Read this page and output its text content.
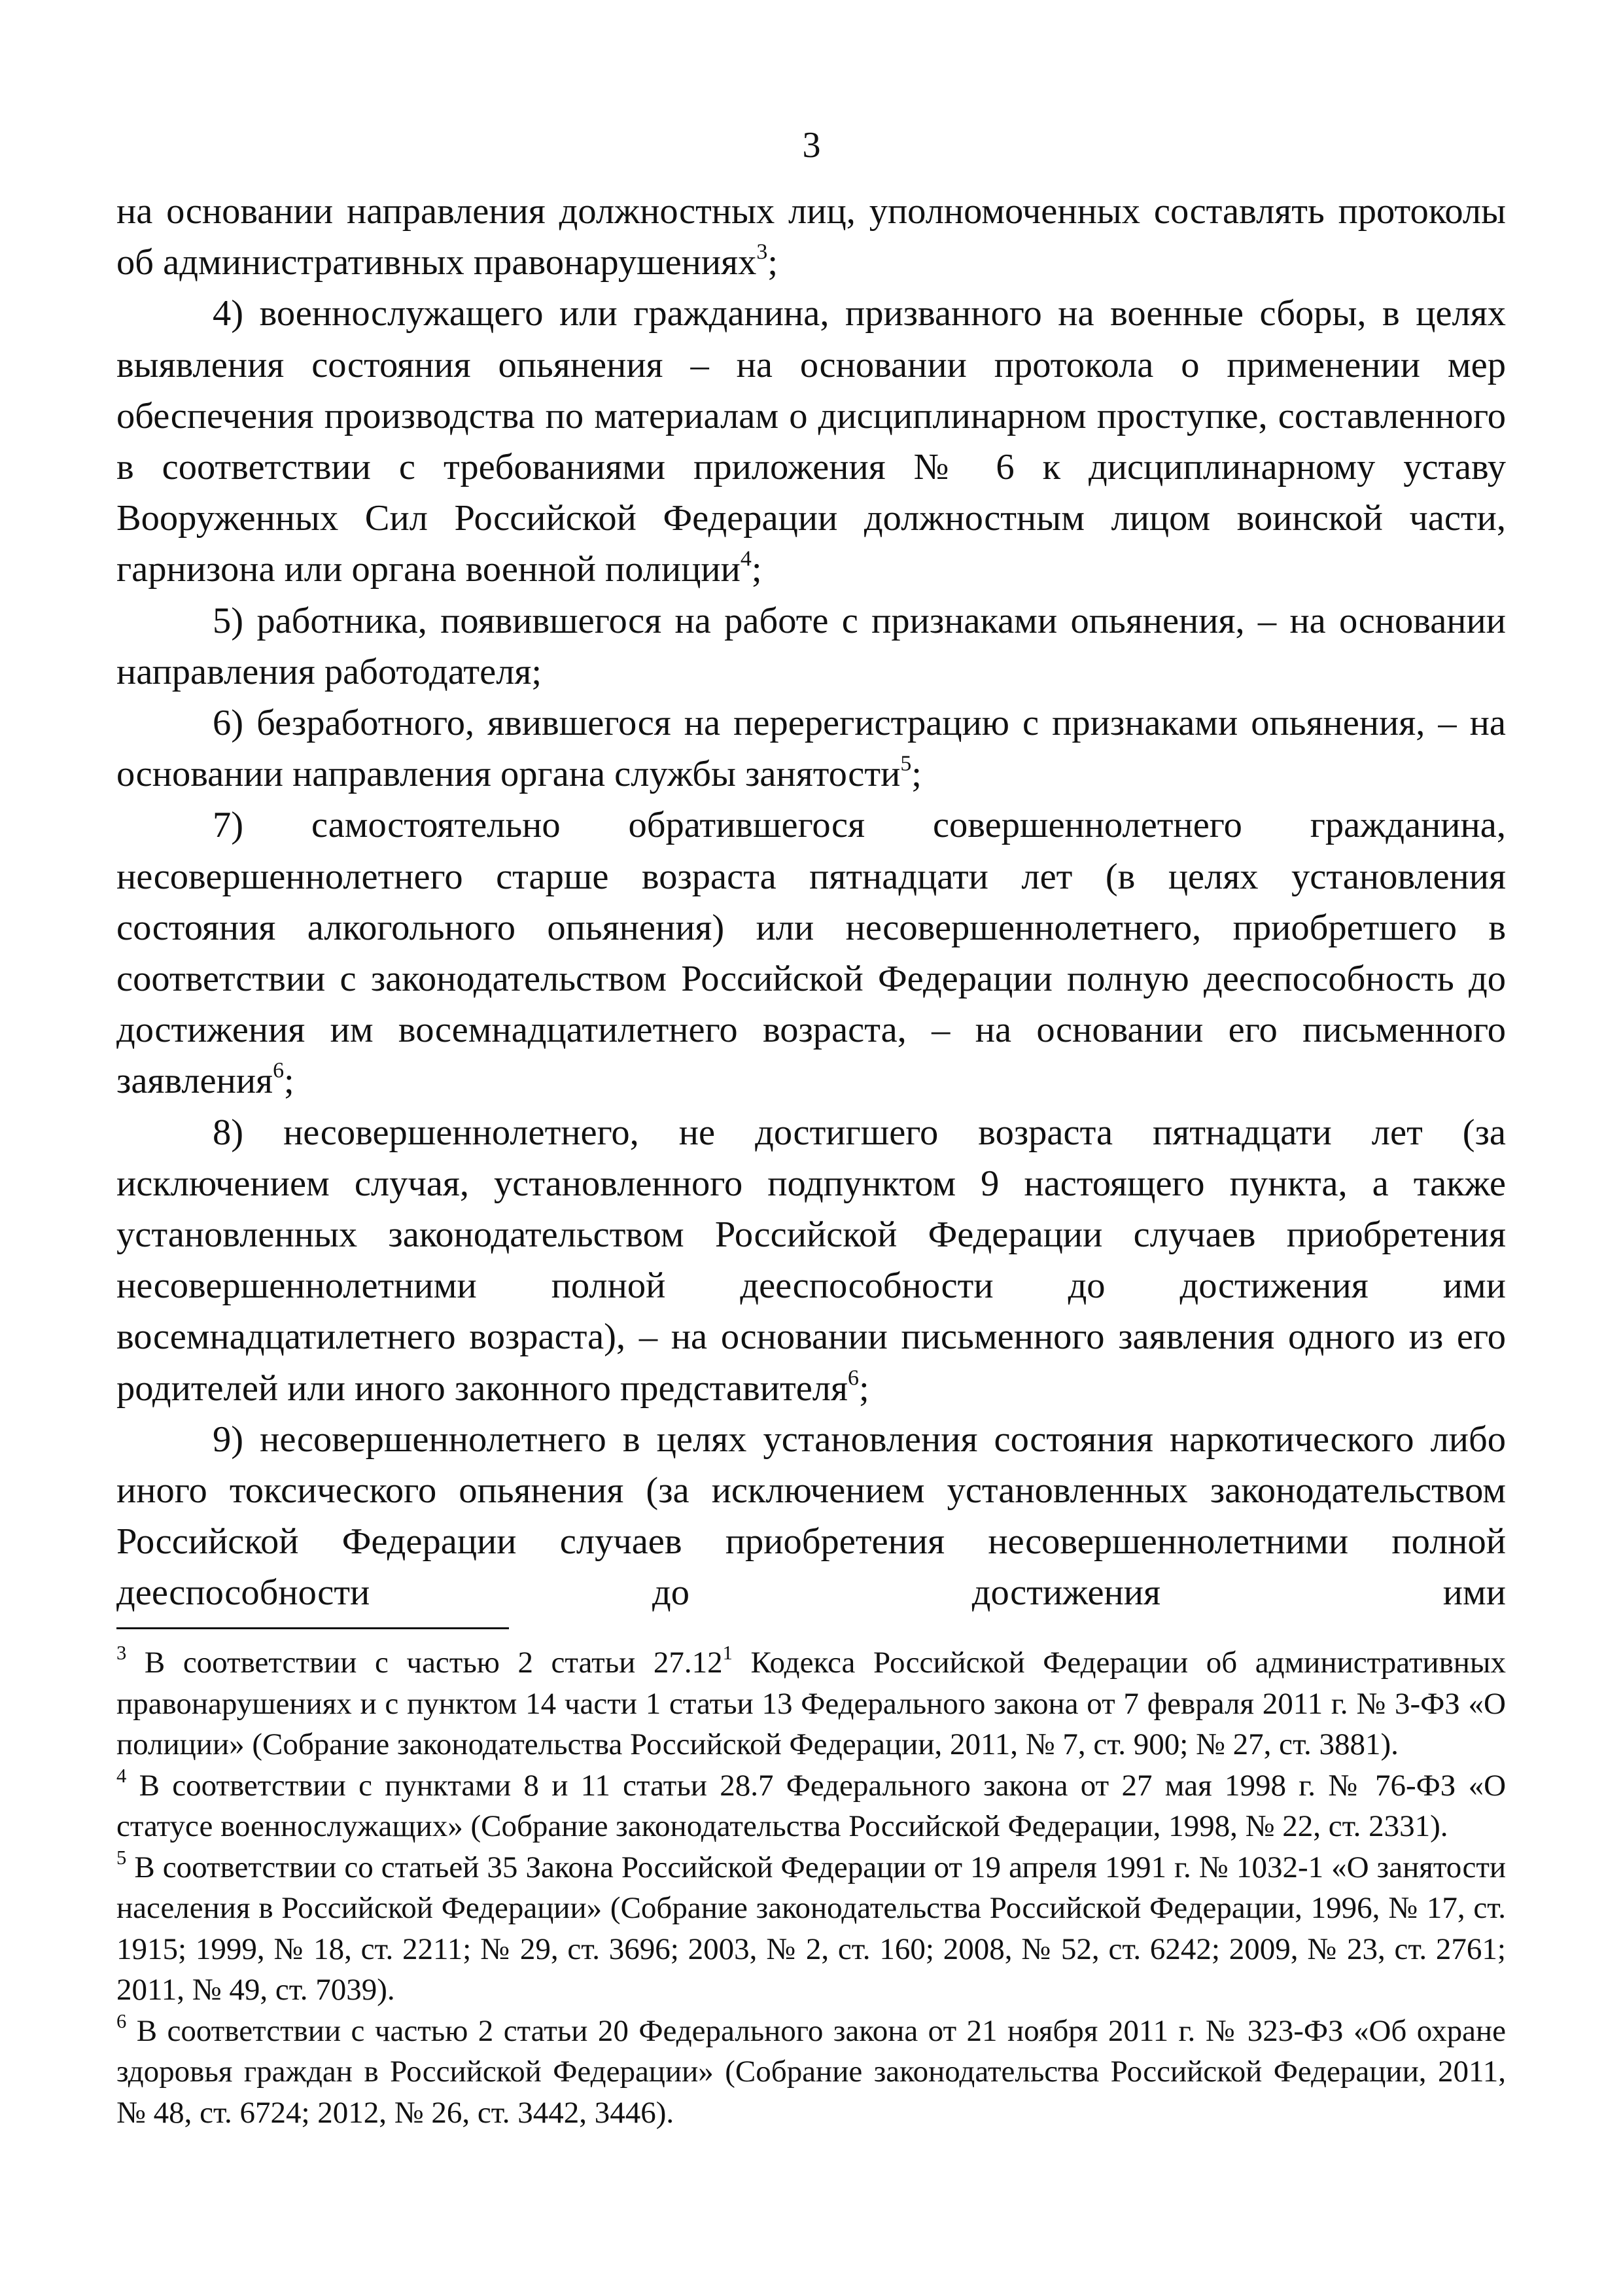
3

на основании направления должностных лиц, уполномоченных составлять протоколы об административных правонарушениях$^3$;

4) военнослужащего или гражданина, призванного на военные сборы, в целях выявления состояния опьянения – на основании протокола о применении мер обеспечения производства по материалам о дисциплинарном проступке, составленного в соответствии с требованиями приложения № 6 к дисциплинарному уставу Вооруженных Сил Российской Федерации должностным лицом воинской части, гарнизона или органа военной полиции$^4$;

5) работника, появившегося на работе с признаками опьянения, – на основании направления работодателя;

6) безработного, явившегося на перерегистрацию с признаками опьянения, – на основании направления органа службы занятости$^5$;

7) самостоятельно обратившегося совершеннолетнего гражданина, несовершеннолетнего старше возраста пятнадцати лет (в целях установления состояния алкогольного опьянения) или несовершеннолетнего, приобретшего в соответствии с законодательством Российской Федерации полную дееспособность до достижения им восемнадцатилетнего возраста, – на основании его письменного заявления$^6$;

8) несовершеннолетнего, не достигшего возраста пятнадцати лет (за исключением случая, установленного подпунктом 9 настоящего пункта, а также установленных законодательством Российской Федерации случаев приобретения несовершеннолетними полной дееспособности до достижения ими восемнадцатилетнего возраста), – на основании письменного заявления одного из его родителей или иного законного представителя$^6$;

9) несовершеннолетнего в целях установления состояния наркотического либо иного токсического опьянения (за исключением установленных законодательством Российской Федерации случаев приобретения несовершеннолетними полной дееспособности до достижения ими

$^3$ В соответствии с частью 2 статьи 27.12$^1$ Кодекса Российской Федерации об административных правонарушениях и с пунктом 14 части 1 статьи 13 Федерального закона от 7 февраля 2011 г. № 3-ФЗ «О полиции» (Собрание законодательства Российской Федерации, 2011, № 7, ст. 900; № 27, ст. 3881).

$^4$ В соответствии с пунктами 8 и 11 статьи 28.7 Федерального закона от 27 мая 1998 г. № 76-ФЗ «О статусе военнослужащих» (Собрание законодательства Российской Федерации, 1998, № 22, ст. 2331).

$^5$ В соответствии со статьей 35 Закона Российской Федерации от 19 апреля 1991 г. № 1032-1 «О занятости населения в Российской Федерации» (Собрание законодательства Российской Федерации, 1996, № 17, ст. 1915; 1999, № 18, ст. 2211; № 29, ст. 3696; 2003, № 2, ст. 160; 2008, № 52, ст. 6242; 2009, № 23, ст. 2761; 2011, № 49, ст. 7039).

$^6$ В соответствии с частью 2 статьи 20 Федерального закона от 21 ноября 2011 г. № 323-ФЗ «Об охране здоровья граждан в Российской Федерации» (Собрание законодательства Российской Федерации, 2011, № 48, ст. 6724; 2012, № 26, ст. 3442, 3446).
